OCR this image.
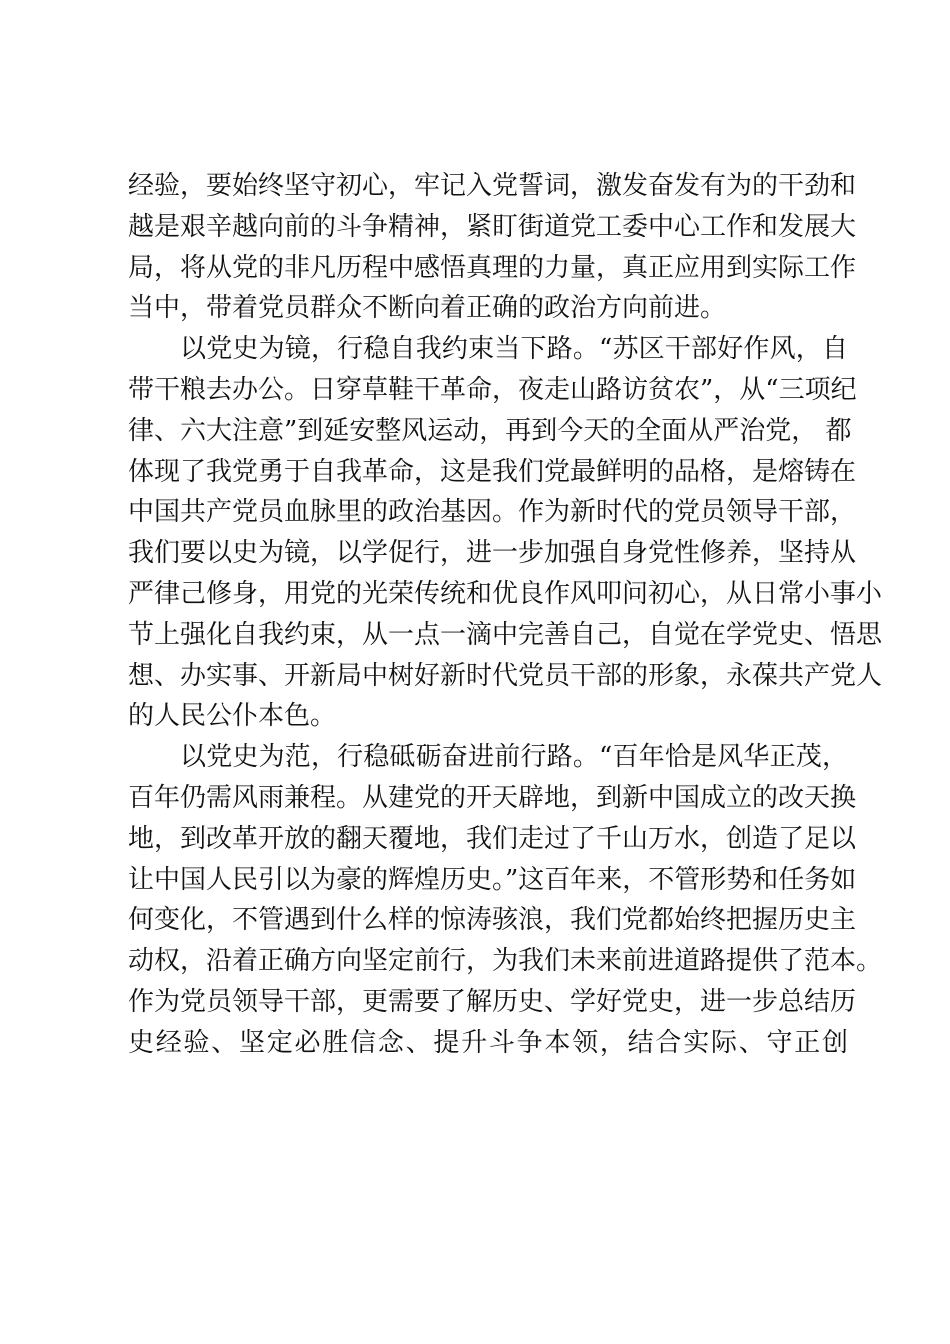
经验，要始终坚守初心，牢记入党誓词，激发奋发有为的干劲和
越是艰辛越向前的斗争精神，紧盯街道党工委中心工作和发展大
局，将从党的非凡历程中感悟真理的力量，真正应用到实际工作
当中，带着党员群众不断向着正确的政治方向前进。
以党史为镜，行稳自我约束当下路。“苏区干部好作风，自
带干粮去办公。日穿草鞋干革命，夜走山路访贫农”，从“三项纪
律、六大注意”到延安整风运动，再到今天的全面从严治党， 都
体现了我党勇于自我革命，这是我们党最鲜明的品格，是熔铸在
中国共产党员血脉里的政治基因。作为新时代的党员领导干部，
我们要以史为镜，以学促行，进一步加强自身党性修养，坚持从
严律己修身，用党的光荣传统和优良作风叩问初心，从日常小事小
节上强化自我约束，从一点一滴中完善自己，自觉在学党史、悟思
想、办实事、开新局中树好新时代党员干部的形象，永葆共产党人
的人民公仆本色。
以党史为范，行稳砥砺奋进前行路。“百年恰是风华正茂，
百年仍需风雨兼程。从建党的开天辟地，到新中国成立的改天换
地，到改革开放的翻天覆地，我们走过了千山万水，创造了足以
让中国人民引以为豪的辉煌历史。”这百年来，不管形势和任务如
何变化，不管遇到什么样的惊涛骇浪，我们党都始终把握历史主
动权，沿着正确方向坚定前行，为我们未来前进道路提供了范本。
作为党员领导干部，更需要了解历史、学好党史，进一步总结历
史经验、坚定必胜信念、提升斗争本领，结合实际、守正创
